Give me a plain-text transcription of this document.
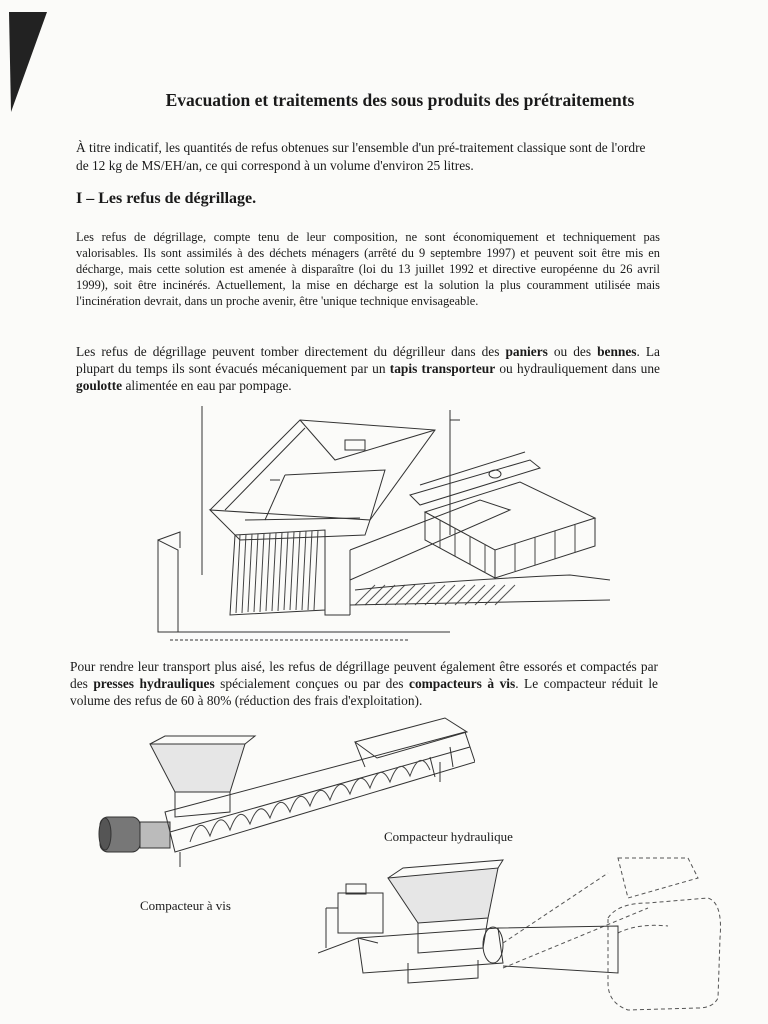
Evacuation et traitements des sous produits des prétraitements

À titre indicatif, les quantités de refus obtenues sur l'ensemble d'un pré-traitement classique sont de l'ordre de 12 kg de MS/EH/an, ce qui correspond à un volume d'environ 25 litres.

I – Les refus de dégrillage.

Les refus de dégrillage, compte tenu de leur composition, ne sont économiquement et techniquement pas valorisables. Ils sont assimilés à des déchets ménagers (arrêté du 9 septembre 1997) et peuvent soit être mis en décharge, mais cette solution est amenée à disparaître (loi du 13 juillet 1992 et directive européenne du 26 avril 1999), soit être incinérés. Actuellement, la mise en décharge est la solution la plus couramment utilisée mais l'incinération devrait, dans un proche avenir, être 'unique technique envisageable.

Les refus de dégrillage peuvent tomber directement du dégrilleur dans des paniers ou des bennes. La plupart du temps ils sont évacués mécaniquement par un tapis transporteur ou hydrauliquement dans une goulotte alimentée en eau par pompage.

Pour rendre leur transport plus aisé, les refus de dégrillage peuvent également être essorés et compactés par des presses hydrauliques spécialement conçues ou par des compacteurs à vis. Le compacteur réduit le volume des refus de 60 à 80% (réduction des frais d'exploitation).

Compacteur hydraulique
Compacteur à vis
